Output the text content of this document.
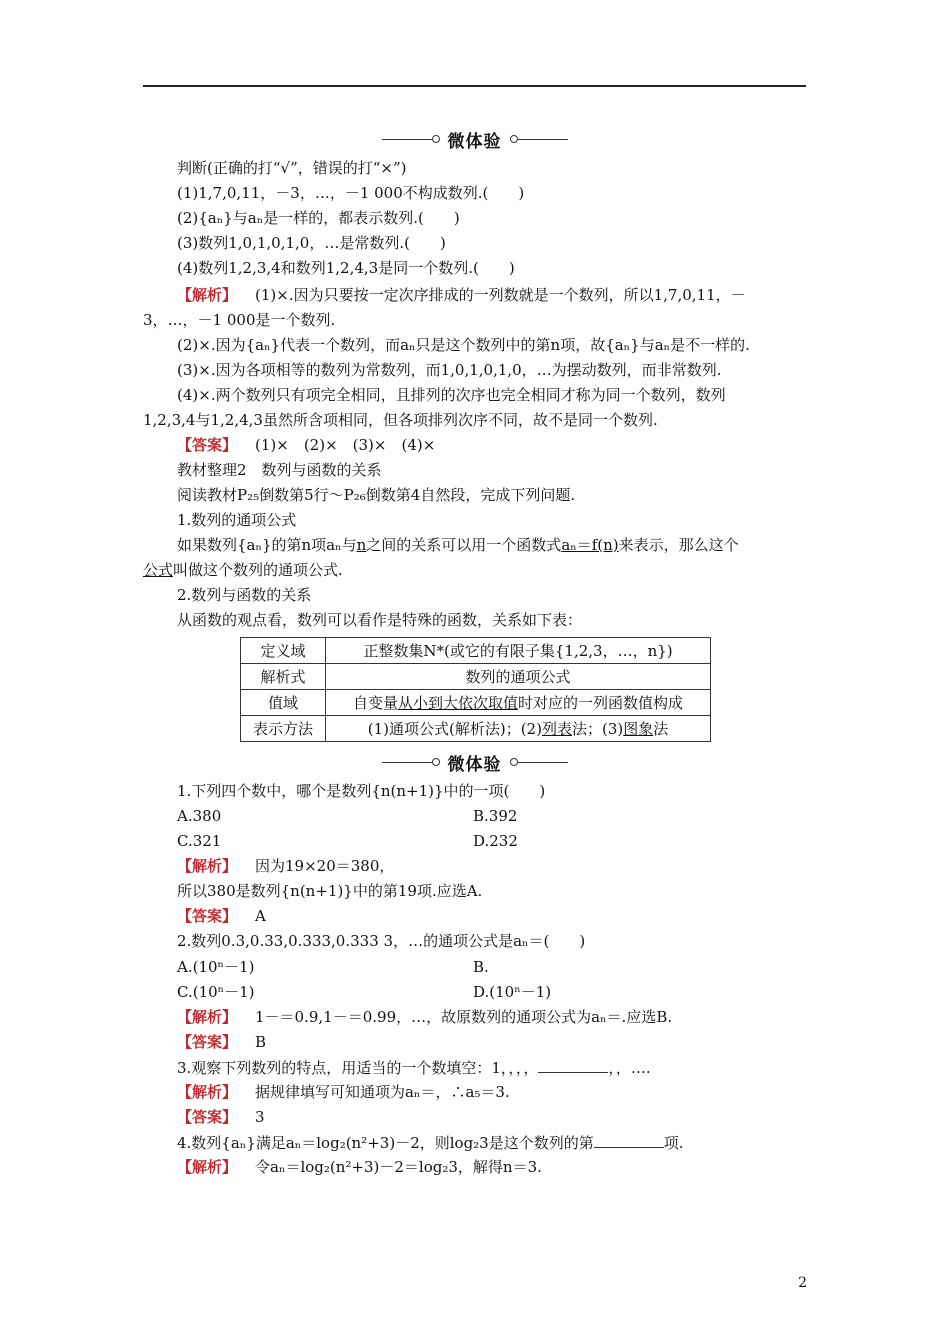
微体验
判断(正确的打“√”，错误的打“×”)
(1)1,7,0,11，－3，…，－1 000不构成数列.(　　)
(2){aₙ}与aₙ是一样的，都表示数列.(　　)
(3)数列1,0,1,0,1,0，…是常数列.(　　)
(4)数列1,2,3,4和数列1,2,4,3是同一个数列.(　　)
【解析】 (1)×.因为只要按一定次序排成的一列数就是一个数列，所以1,7,0,11，－
3，…，－1 000是一个数列.
(2)×.因为{aₙ}代表一个数列，而aₙ只是这个数列中的第n项，故{aₙ}与aₙ是不一样的.
(3)×.因为各项相等的数列为常数列，而1,0,1,0,1,0，…为摆动数列，而非常数列.
(4)×.两个数列只有项完全相同，且排列的次序也完全相同才称为同一个数列，数列
1,2,3,4与1,2,4,3虽然所含项相同，但各项排列次序不同，故不是同一个数列.
【答案】 (1)×　(2)×　(3)×　(4)×
教材整理2　数列与函数的关系
阅读教材P₂₅倒数第5行～P₂₆倒数第4自然段，完成下列问题.
1.数列的通项公式
如果数列{aₙ}的第n项aₙ与n之间的关系可以用一个函数式aₙ＝f(n)来表示，那么这个
公式叫做这个数列的通项公式.
2.数列与函数的关系
从函数的观点看，数列可以看作是特殊的函数，关系如下表：
定义域	正整数集N*(或它的有限子集{1,2,3，…，n})
解析式	数列的通项公式
值域	自变量从小到大依次取值时对应的一列函数值构成
表示方法	(1)通项公式(解析法)；(2)列表法；(3)图象法
微体验
1.下列四个数中，哪个是数列{n(n+1)}中的一项(　　)
A.380	B.392
C.321	D.232
【解析】 因为19×20＝380，
所以380是数列{n(n+1)}中的第19项.应选A.
【答案】 A
2.数列0.3,0.33,0.333,0.333 3，…的通项公式是aₙ＝(　　)
A.(10ⁿ－1)	B.
C.(10ⁿ－1)	D.(10ⁿ－1)
【解析】 1－＝0.9,1－＝0.99，…，故原数列的通项公式为aₙ＝.应选B.
【答案】 B
3.观察下列数列的特点，用适当的一个数填空：1，，，，	，，….
【解析】 据规律填写可知通项为aₙ＝，∴a₅＝3.
【答案】 3
4.数列{aₙ}满足aₙ＝log₂(n²+3)－2，则log₂3是这个数列的第	项.
【解析】 令aₙ＝log₂(n²+3)－2＝log₂3，解得n＝3.
2
